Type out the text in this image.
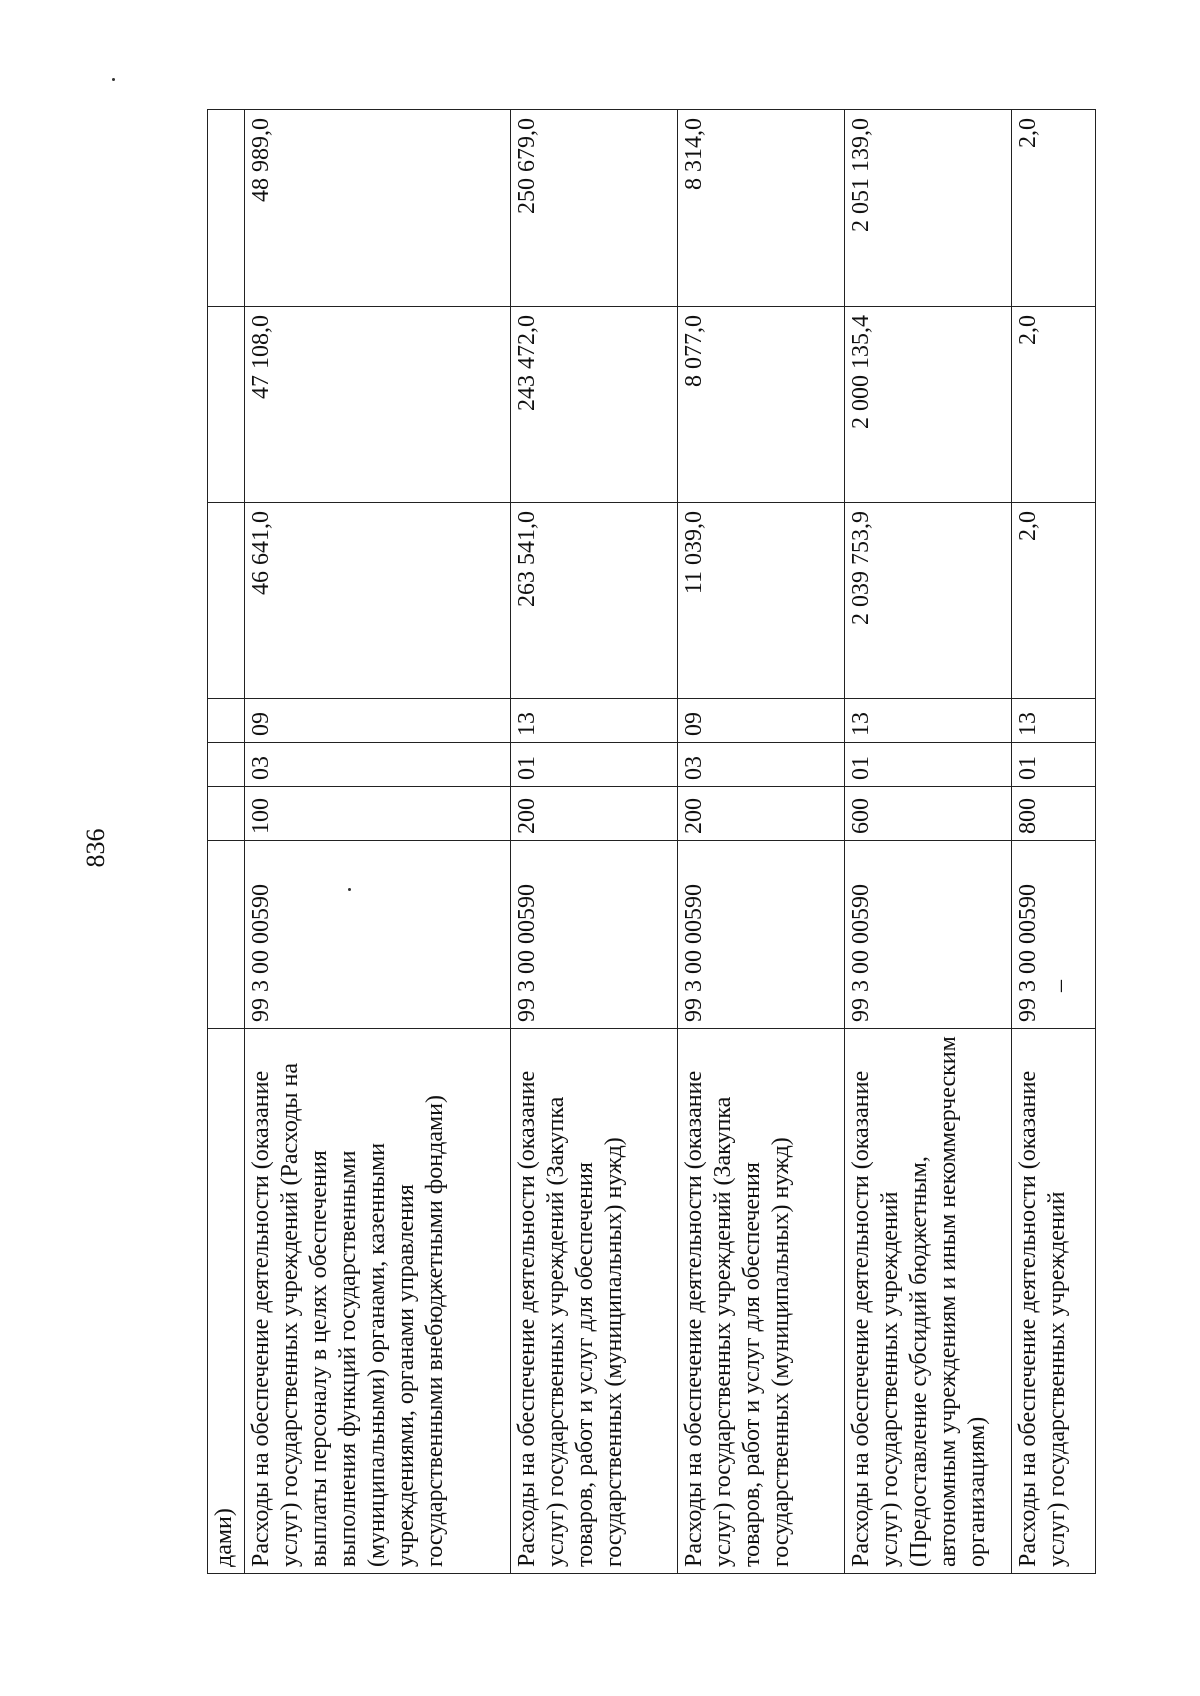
836
дами)							
Расходы на обеспечение деятельности (оказание услуг) государственных учреждений (Расходы на выплаты персоналу в целях обеспечения выполнения функций государственными (муниципальными) органами, казенными учреждениями, органами управления государственными внебюджетными фондами)	99 3 00 00590	100	03	09	46 641,0	47 108,0	48 989,0
Расходы на обеспечение деятельности (оказание услуг) государственных учреждений (Закупка товаров, работ и услуг для обеспечения государственных (муниципальных) нужд)	99 3 00 00590	200	01	13	263 541,0	243 472,0	250 679,0
Расходы на обеспечение деятельности (оказание услуг) государственных учреждений (Закупка товаров, работ и услуг для обеспечения государственных (муниципальных) нужд)	99 3 00 00590	200	03	09	11 039,0	8 077,0	8 314,0
Расходы на обеспечение деятельности (оказание услуг) государственных учреждений (Предоставление субсидий бюджетным, автономным учреждениям и иным некоммерческим организациям)	99 3 00 00590	600	01	13	2 039 753,9	2 000 135,4	2 051 139,0
Расходы на обеспечение деятельности (оказание услуг) государственных учреждений	99 3 00 00590 –	800	01	13	2,0	2,0	2,0
